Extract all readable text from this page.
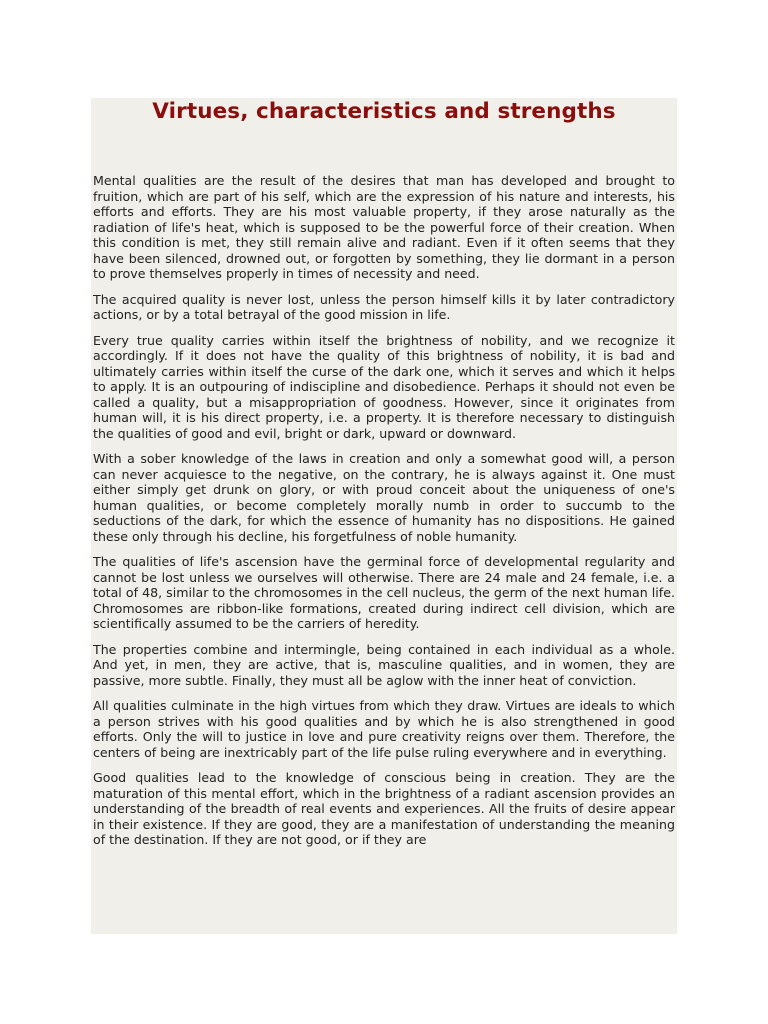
Virtues, characteristics and strengths

Mental qualities are the result of the desires that man has developed and brought to fruition, which are part of his self, which are the expression of his nature and interests, his efforts and efforts. They are his most valuable property, if they arose naturally as the radiation of life's heat, which is supposed to be the powerful force of their creation. When this condition is met, they still remain alive and radiant. Even if it often seems that they have been silenced, drowned out, or forgotten by something, they lie dormant in a person to prove themselves properly in times of necessity and need.

The acquired quality is never lost, unless the person himself kills it by later contradictory actions, or by a total betrayal of the good mission in life.

Every true quality carries within itself the brightness of nobility, and we recognize it accordingly. If it does not have the quality of this brightness of nobility, it is bad and ultimately carries within itself the curse of the dark one, which it serves and which it helps to apply. It is an outpouring of indiscipline and disobedience. Perhaps it should not even be called a quality, but a misappropriation of goodness. However, since it originates from human will, it is his direct property, i.e. a property. It is therefore necessary to distinguish the qualities of good and evil, bright or dark, upward or downward.

With a sober knowledge of the laws in creation and only a somewhat good will, a person can never acquiesce to the negative, on the contrary, he is always against it. One must either simply get drunk on glory, or with proud conceit about the uniqueness of one's human qualities, or become completely morally numb in order to succumb to the seductions of the dark, for which the essence of humanity has no dispositions. He gained these only through his decline, his forgetfulness of noble humanity.

The qualities of life's ascension have the germinal force of developmental regularity and cannot be lost unless we ourselves will otherwise. There are 24 male and 24 female, i.e. a total of 48, similar to the chromosomes in the cell nucleus, the germ of the next human life. Chromosomes are ribbon-like formations, created during indirect cell division, which are scientifically assumed to be the carriers of heredity.

The properties combine and intermingle, being contained in each individual as a whole. And yet, in men, they are active, that is, masculine qualities, and in women, they are passive, more subtle. Finally, they must all be aglow with the inner heat of conviction.

All qualities culminate in the high virtues from which they draw. Virtues are ideals to which a person strives with his good qualities and by which he is also strengthened in good efforts. Only the will to justice in love and pure creativity reigns over them. Therefore, the centers of being are inextricably part of the life pulse ruling everywhere and in everything.

Good qualities lead to the knowledge of conscious being in creation. They are the maturation of this mental effort, which in the brightness of a radiant ascension provides an understanding of the breadth of real events and experiences. All the fruits of desire appear in their existence. If they are good, they are a manifestation of understanding the meaning of the destination. If they are not good, or if they are
